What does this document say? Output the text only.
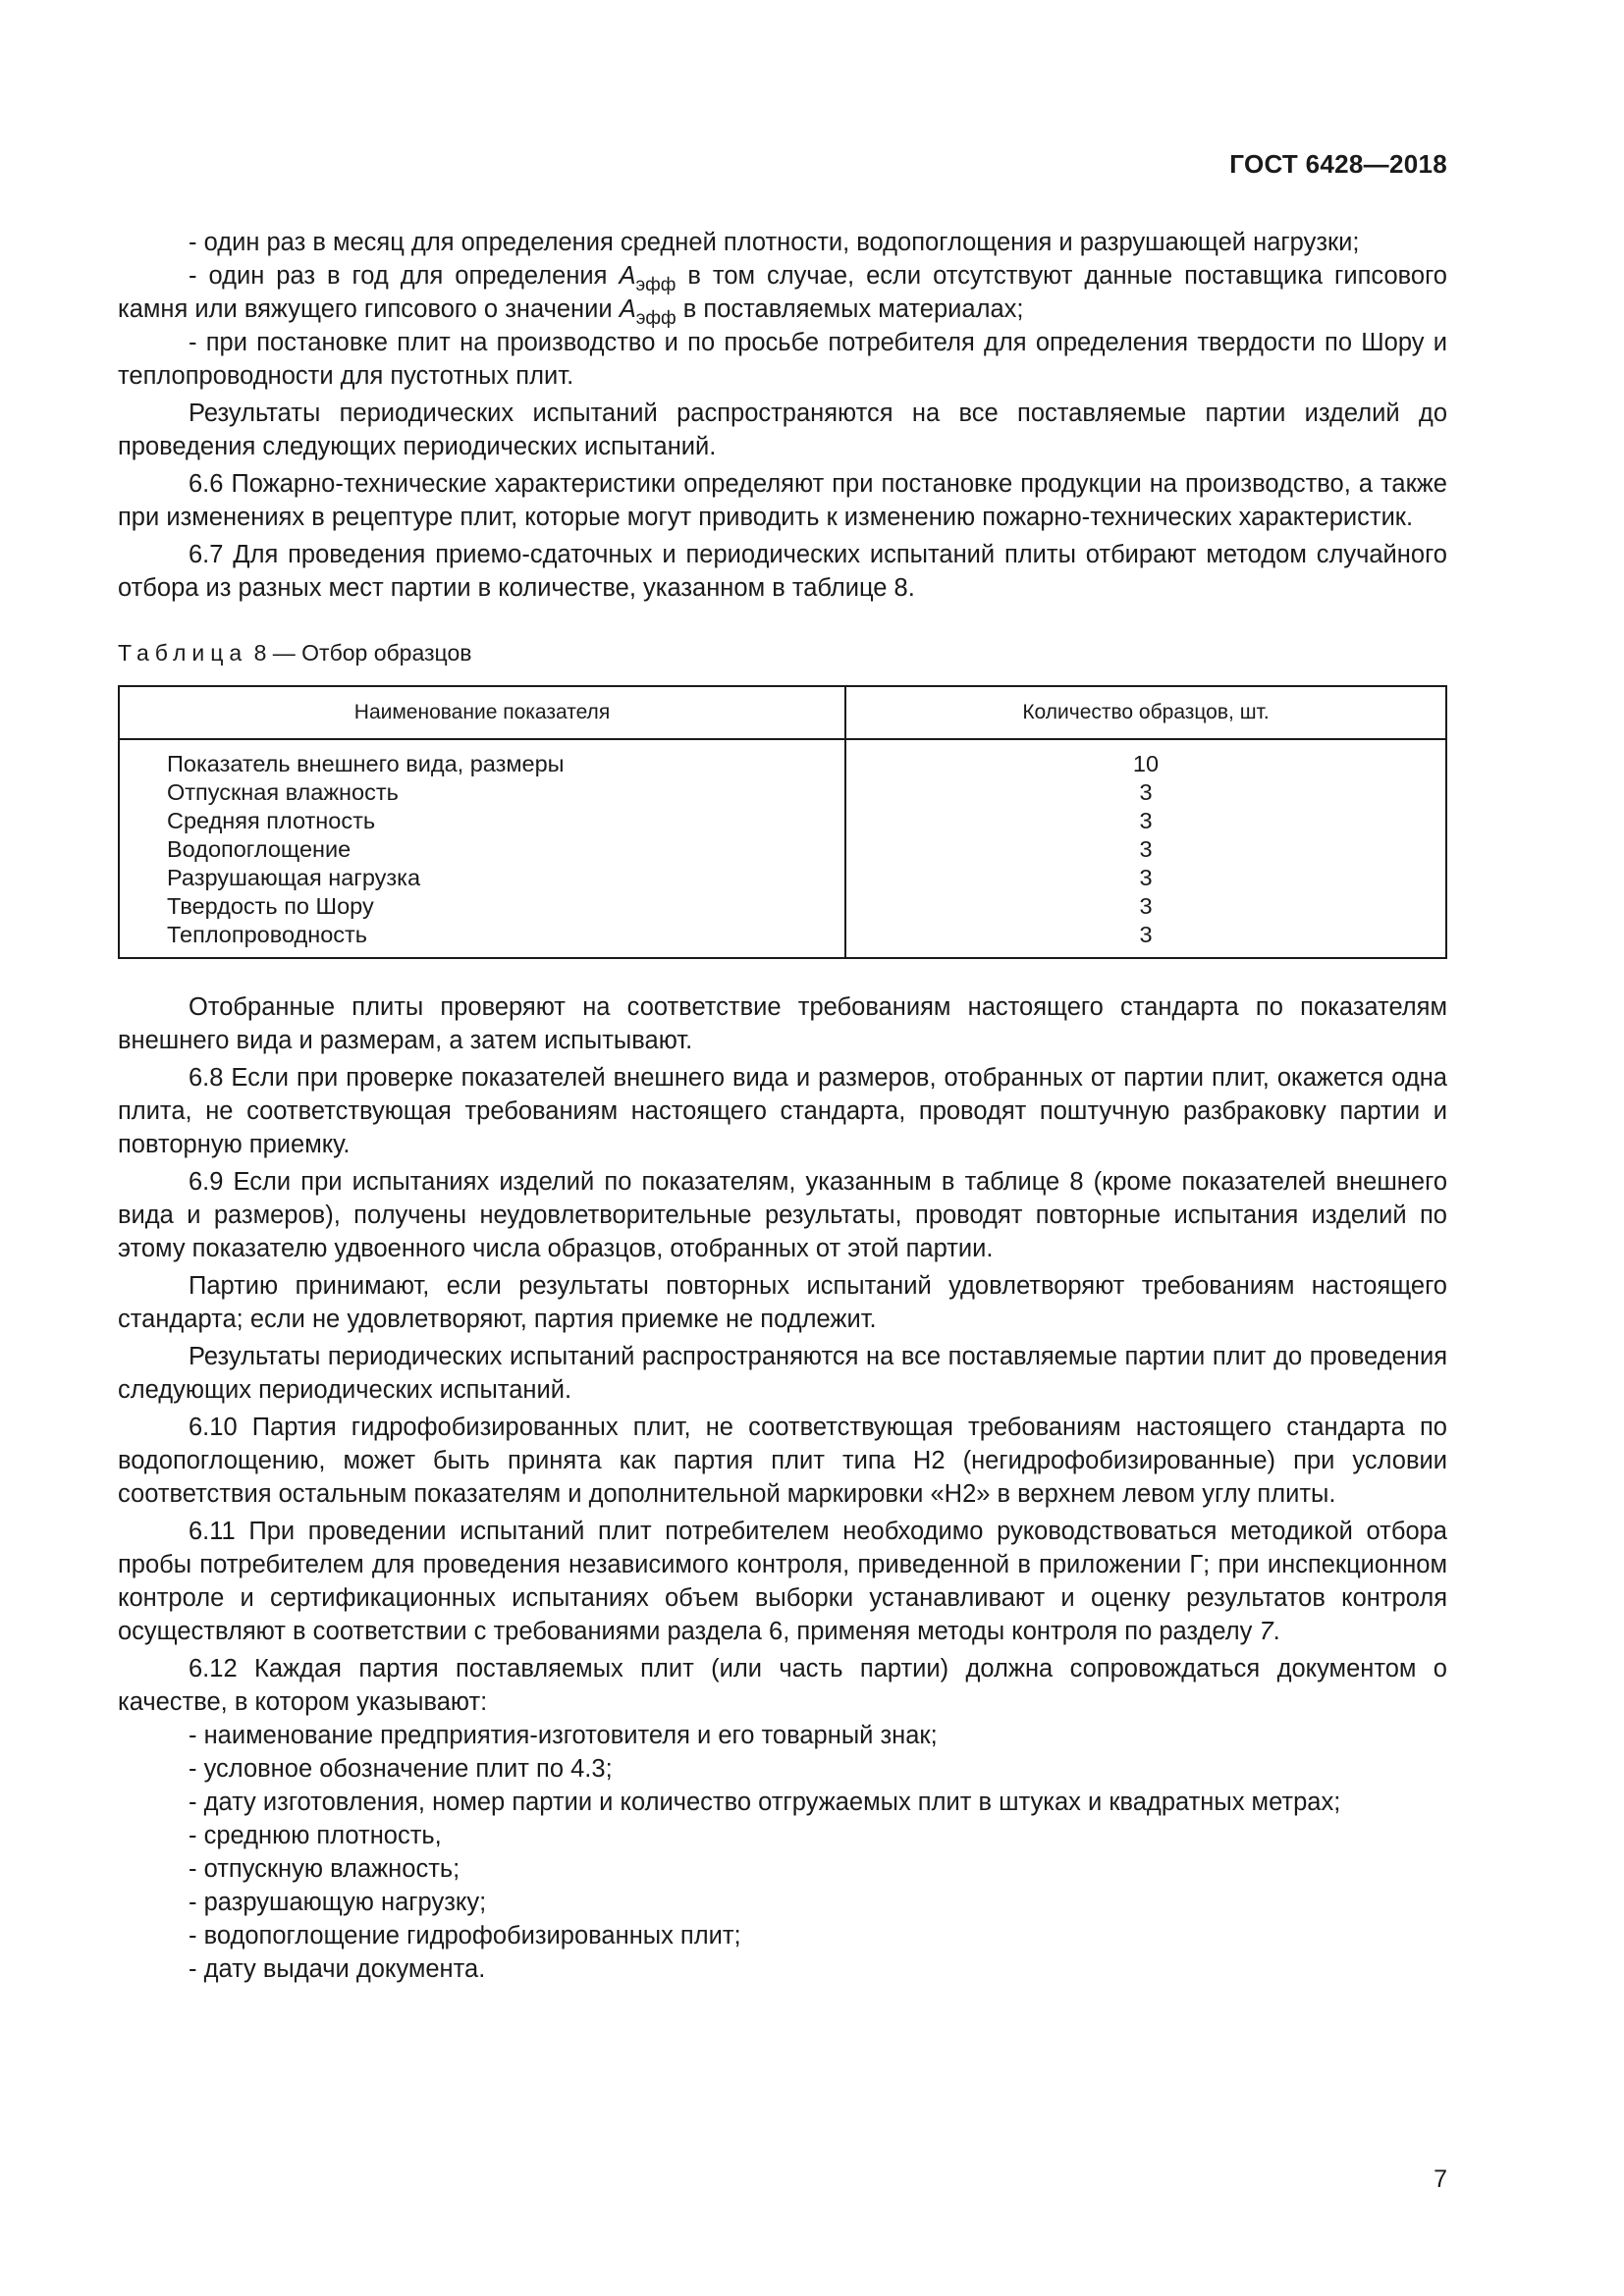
ГОСТ 6428—2018

- один раз в месяц для определения средней плотности, водопоглощения и разрушающей нагрузки;

- один раз в год для определения $A_{эфф}$ в том случае, если отсутствуют данные поставщика гипсового камня или вяжущего гипсового о значении $A_{эфф}$ в поставляемых материалах;

- при постановке плит на производство и по просьбе потребителя для определения твердости по Шору и теплопроводности для пустотных плит.

Результаты периодических испытаний распространяются на все поставляемые партии изделий до проведения следующих периодических испытаний.

6.6 Пожарно-технические характеристики определяют при постановке продукции на производство, а также при изменениях в рецептуре плит, которые могут приводить к изменению пожарно-технических характеристик.

6.7 Для проведения приемо-сдаточных и периодических испытаний плиты отбирают методом случайного отбора из разных мест партии в количестве, указанном в таблице 8.

Таблица 8 — Отбор образцов
Наименование показателя	Количество образцов, шт.
Показатель внешнего вида, размеры	10
Отпускная влажность	3
Средняя плотность	3
Водопоглощение	3
Разрушающая нагрузка	3
Твердость по Шору	3
Теплопроводность	3

Отобранные плиты проверяют на соответствие требованиям настоящего стандарта по показателям внешнего вида и размерам, а затем испытывают.

6.8 Если при проверке показателей внешнего вида и размеров, отобранных от партии плит, окажется одна плита, не соответствующая требованиям настоящего стандарта, проводят поштучную разбраковку партии и повторную приемку.

6.9 Если при испытаниях изделий по показателям, указанным в таблице 8 (кроме показателей внешнего вида и размеров), получены неудовлетворительные результаты, проводят повторные испытания изделий по этому показателю удвоенного числа образцов, отобранных от этой партии.

Партию принимают, если результаты повторных испытаний удовлетворяют требованиям настоящего стандарта; если не удовлетворяют, партия приемке не подлежит.

Результаты периодических испытаний распространяются на все поставляемые партии плит до проведения следующих периодических испытаний.

6.10 Партия гидрофобизированных плит, не соответствующая требованиям настоящего стандарта по водопоглощению, может быть принята как партия плит типа Н2 (негидрофобизированные) при условии соответствия остальным показателям и дополнительной маркировки «Н2» в верхнем левом углу плиты.

6.11 При проведении испытаний плит потребителем необходимо руководствоваться методикой отбора пробы потребителем для проведения независимого контроля, приведенной в приложении Г; при инспекционном контроле и сертификационных испытаниях объем выборки устанавливают и оценку результатов контроля осуществляют в соответствии с требованиями раздела 6, применяя методы контроля по разделу 7.

6.12 Каждая партия поставляемых плит (или часть партии) должна сопровождаться документом о качестве, в котором указывают:

- наименование предприятия-изготовителя и его товарный знак;

- условное обозначение плит по 4.3;

- дату изготовления, номер партии и количество отгружаемых плит в штуках и квадратных метрах;

- среднюю плотность,

- отпускную влажность;

- разрушающую нагрузку;

- водопоглощение гидрофобизированных плит;

- дату выдачи документа.

7
